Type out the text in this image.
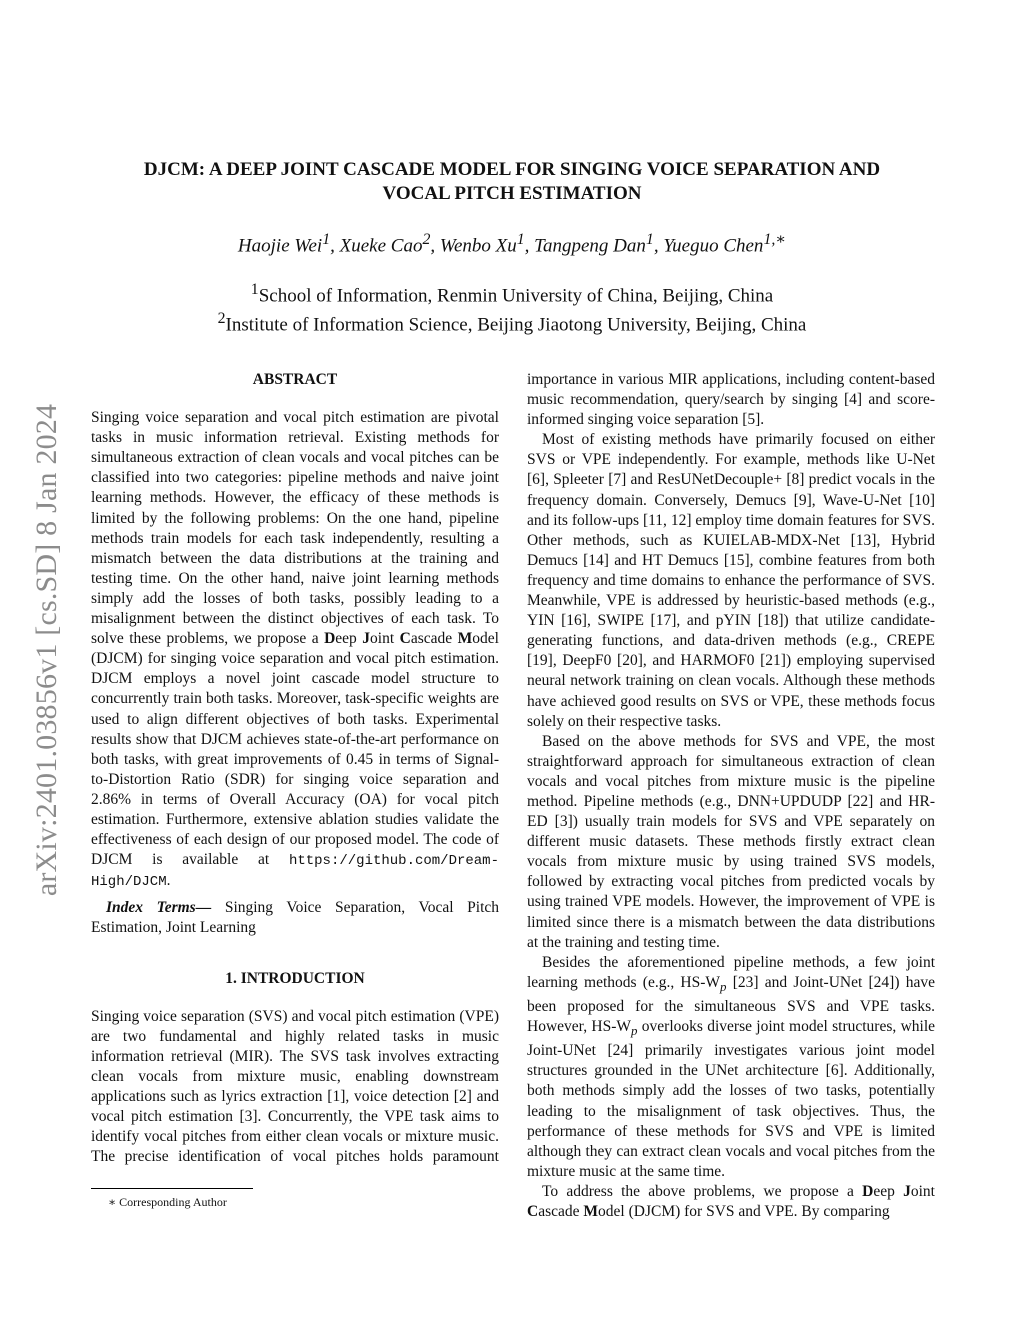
arXiv:2401.03856v1 [cs.SD] 8 Jan 2024
DJCM: A DEEP JOINT CASCADE MODEL FOR SINGING VOICE SEPARATION AND
VOCAL PITCH ESTIMATION
Haojie Wei$^1$, Xueke Cao$^2$, Wenbo Xu$^1$, Tangpeng Dan$^1$, Yueguo Chen$^{1,∗}$
$^1$School of Information, Renmin University of China, Beijing, China
$^2$Institute of Information Science, Beijing Jiaotong University, Beijing, China
ABSTRACT

Singing voice separation and vocal pitch estimation are pivotal tasks in music information retrieval. Existing methods for simultaneous extraction of clean vocals and vocal pitches can be classified into two categories: pipeline methods and naive joint learning methods. However, the efficacy of these methods is limited by the following problems: On the one hand, pipeline methods train models for each task independently, resulting a mismatch between the data distributions at the training and testing time. On the other hand, naive joint learning methods simply add the losses of both tasks, possibly leading to a misalignment between the distinct objectives of each task. To solve these problems, we propose a Deep Joint Cascade Model (DJCM) for singing voice separation and vocal pitch estimation. DJCM employs a novel joint cascade model structure to concurrently train both tasks. Moreover, task-specific weights are used to align different objectives of both tasks. Experimental results show that DJCM achieves state-of-the-art performance on both tasks, with great improvements of 0.45 in terms of Signal-to-Distortion Ratio (SDR) for singing voice separation and 2.86% in terms of Overall Accuracy (OA) for vocal pitch estimation. Furthermore, extensive ablation studies validate the effectiveness of each design of our proposed model. The code of DJCM is available at https://github.com/Dream-High/DJCM.

Index Terms— Singing Voice Separation, Vocal Pitch Estimation, Joint Learning

1. INTRODUCTION

Singing voice separation (SVS) and vocal pitch estimation (VPE) are two fundamental and highly related tasks in music information retrieval (MIR). The SVS task involves extracting clean vocals from mixture music, enabling downstream applications such as lyrics extraction [1], voice detection [2] and vocal pitch estimation [3]. Concurrently, the VPE task aims to identify vocal pitches from either clean vocals or mixture music. The precise identification of vocal pitches holds paramount

importance in various MIR applications, including content-based music recommendation, query/search by singing [4] and score-informed singing voice separation [5].

Most of existing methods have primarily focused on either SVS or VPE independently. For example, methods like U-Net [6], Spleeter [7] and ResUNetDecouple+ [8] predict vocals in the frequency domain. Conversely, Demucs [9], Wave-U-Net [10] and its follow-ups [11, 12] employ time domain features for SVS. Other methods, such as KUIELAB-MDX-Net [13], Hybrid Demucs [14] and HT Demucs [15], combine features from both frequency and time domains to enhance the performance of SVS. Meanwhile, VPE is addressed by heuristic-based methods (e.g., YIN [16], SWIPE [17], and pYIN [18]) that utilize candidate-generating functions, and data-driven methods (e.g., CREPE [19], DeepF0 [20], and HARMOF0 [21]) employing supervised neural network training on clean vocals. Although these methods have achieved good results on SVS or VPE, these methods focus solely on their respective tasks.

Based on the above methods for SVS and VPE, the most straightforward approach for simultaneous extraction of clean vocals and vocal pitches from mixture music is the pipeline method. Pipeline methods (e.g., DNN+UPDUDP [22] and HR-ED [3]) usually train models for SVS and VPE separately on different music datasets. These methods firstly extract clean vocals from mixture music by using trained SVS models, followed by extracting vocal pitches from predicted vocals by using trained VPE models. However, the improvement of VPE is limited since there is a mismatch between the data distributions at the training and testing time.

Besides the aforementioned pipeline methods, a few joint learning methods (e.g., $HS-W_p$ [23] and Joint-UNet [24]) have been proposed for the simultaneous SVS and VPE tasks. However, $HS-W_p$ overlooks diverse joint model structures, while Joint-UNet [24] primarily investigates various joint model structures grounded in the UNet architecture [6]. Additionally, both methods simply add the losses of two tasks, potentially leading to the misalignment of task objectives. Thus, the performance of these methods for SVS and VPE is limited although they can extract clean vocals and vocal pitches from the mixture music at the same time.

To address the above problems, we propose a Deep Joint Cascade Model (DJCM) for SVS and VPE. By comparing

∗ Corresponding Author
